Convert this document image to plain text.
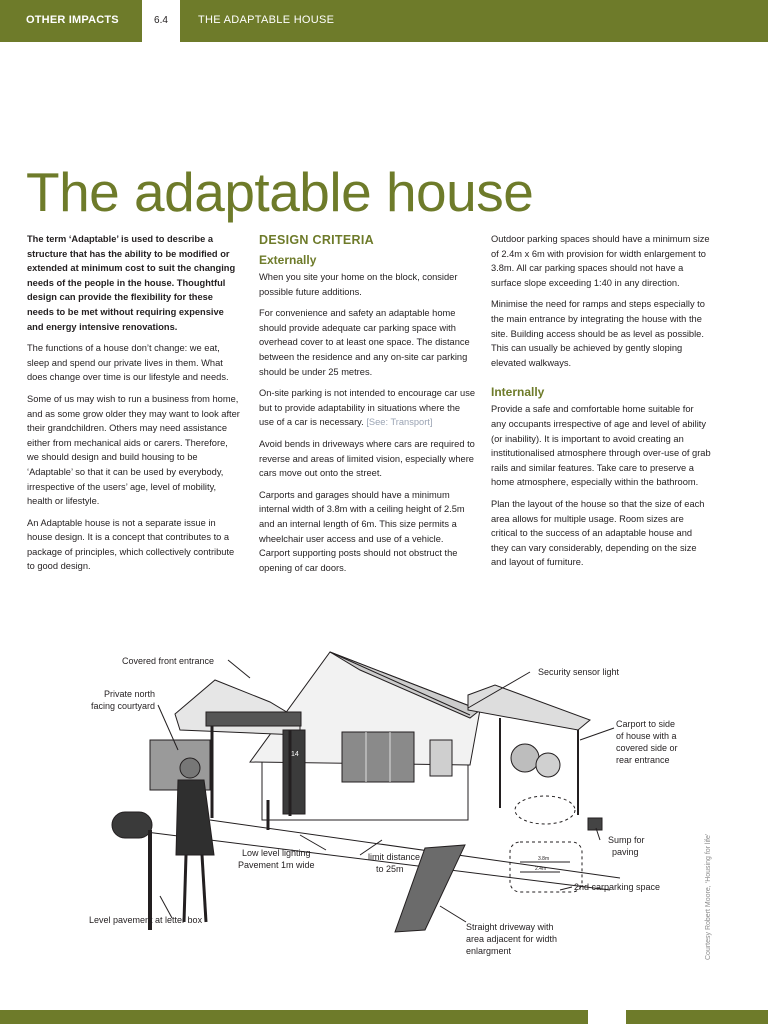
OTHER IMPACTS	6.4	THE ADAPTABLE HOUSE
The adaptable house

The term ‘Adaptable’ is used to describe a structure that has the ability to be modified or extended at minimum cost to suit the changing needs of the people in the house. Thoughtful design can provide the flexibility for these needs to be met without requiring expensive and energy intensive renovations.

The functions of a house don’t change: we eat, sleep and spend our private lives in them. What does change over time is our lifestyle and needs.

Some of us may wish to run a business from home, and as some grow older they may want to look after their grandchildren. Others may need assistance either from mechanical aids or carers. Therefore, we should design and build housing to be ‘Adaptable’ so that it can be used by everybody, irrespective of the users’ age, level of mobility, health or lifestyle.

An Adaptable house is not a separate issue in house design. It is a concept that contributes to a package of principles, which collectively contribute to good design.

DESIGN CRITERIA
Externally

When you site your home on the block, consider possible future additions.

For convenience and safety an adaptable home should provide adequate car parking space with overhead cover to at least one space. The distance between the residence and any on-site car parking should be under 25 metres.

On-site parking is not intended to encourage car use but to provide adaptability in situations where the use of a car is necessary. [See: Transport]

Avoid bends in driveways where cars are required to reverse and areas of limited vision, especially where cars move out onto the street.

Carports and garages should have a minimum internal width of 3.8m with a ceiling height of 2.5m and an internal length of 6m. This size permits a wheelchair user access and use of a vehicle. Carport supporting posts should not obstruct the opening of car doors.

Outdoor parking spaces should have a minimum size of 2.4m x 6m with provision for width enlargement to 3.8m. All car parking spaces should not have a surface slope exceeding 1:40 in any direction.

Minimise the need for ramps and steps especially to the main entrance by integrating the house with the site. Building access should be as level as possible. This can usually be achieved by gently sloping elevated walkways.

Internally

Provide a safe and comfortable home suitable for any occupants irrespective of age and level of ability (or inability). It is important to avoid creating an institutionalised atmosphere through over-use of grab rails and similar features. Take care to preserve a home atmosphere, especially within the bathroom.

Plan the layout of the house so that the size of each area allows for multiple usage. Room sizes are critical to the success of an adaptable house and they can vary considerably, depending on the size and layout of furniture.

14
3.8m
2.4m
Covered front entrance
Private north
facing courtyard
Security sensor light
Carport to side
of house with a
covered side or
rear entrance
Sump for
paving
Low level lighting
Pavement 1m wide
limit distance
to 25m
2nd carparking space
Straight driveway with
area adjacent for width
enlargment
Level pavement at letter box	Courtesy Robert Moore, ‘Housing for life’
